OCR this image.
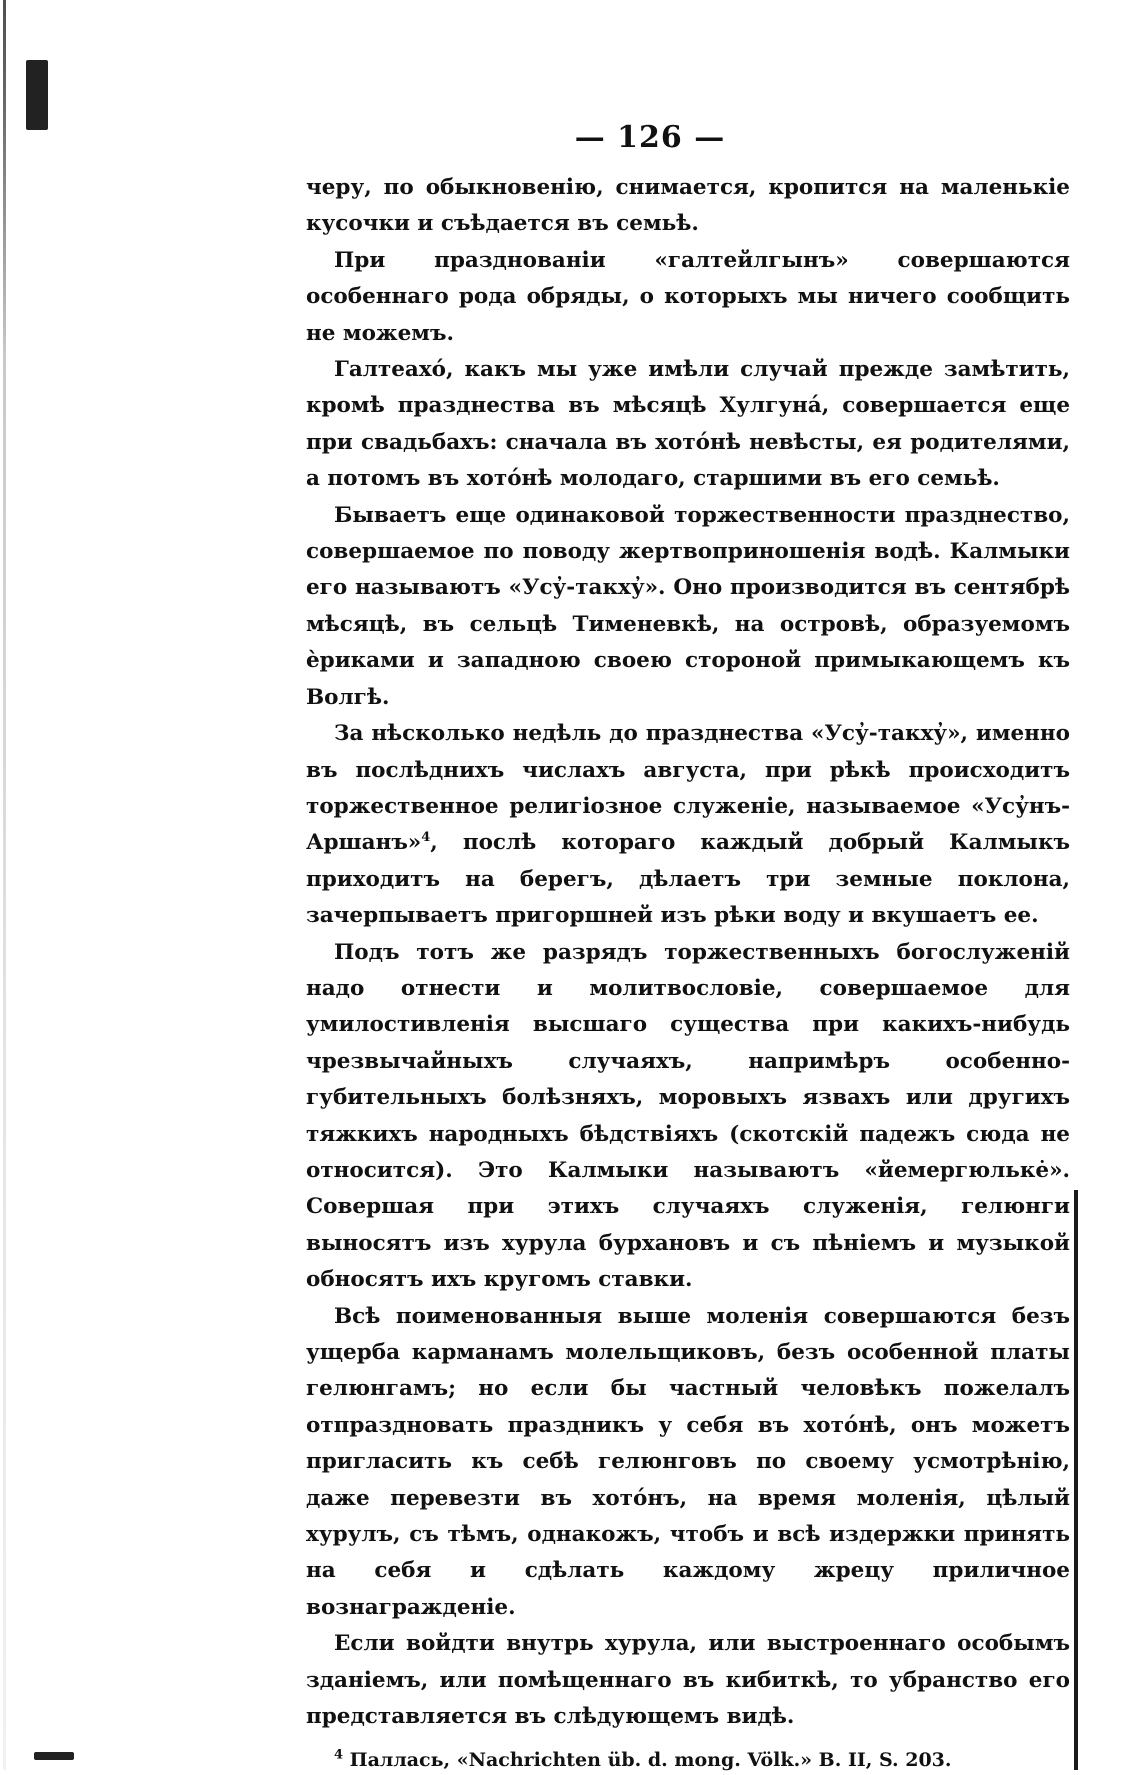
— 126 —

черу, по обыкновенію, снимается, кропится на маленькіе кусочки и съѣдается въ семьѣ.

При празднованіи «галтейлгынъ» совершаются особеннаго рода обряды, о которыхъ мы ничего сообщить не можемъ.

Галтеахо́, какъ мы уже имѣли случай прежде замѣтить, кромѣ празднества въ мѣсяцѣ Хулгуна́, совершается еще при свадьбахъ: сначала въ хото́нѣ невѣсты, ея родителями, а потомъ въ хото́нѣ молодаго, старшими въ его семьѣ.

Бываетъ еще одинаковой торжественности празднество, совершаемое по поводу жертвоприношенія водѣ. Калмыки его называютъ «Усу̓-такху̓». Оно производится въ сентябрѣ мѣсяцѣ, въ сельцѣ Тименевкѣ, на островѣ, образуемомъ ѐриками и западною своею стороной примыкающемъ къ Волгѣ.

За нѣсколько недѣль до празднества «Усу̓-такху̓», именно въ послѣднихъ числахъ августа, при рѣкѣ происходитъ торжественное религіозное служеніе, называемое «Усу̓нъ-Аршанъ»$^4$, послѣ котораго каждый добрый Калмыкъ приходитъ на берегъ, дѣлаетъ три земные поклона, зачерпываетъ пригоршней изъ рѣки воду и вкушаетъ ее.

Подъ тотъ же разрядъ торжественныхъ богослуженій надо отнести и молитвословіе, совершаемое для умилостивленія высшаго существа при какихъ-нибудь чрезвычайныхъ случаяхъ, напримѣръ особенно-губительныхъ болѣзняхъ, моровыхъ язвахъ или другихъ тяжкихъ народныхъ бѣдствіяхъ (скотскій падежъ сюда не относится). Это Калмыки называютъ «йемергюльке̇». Совершая при этихъ случаяхъ служенія, гелюнги выносятъ изъ хурула бурхановъ и съ пѣніемъ и музыкой обносятъ ихъ кругомъ ставки.

Всѣ поименованныя выше моленія совершаются безъ ущерба карманамъ молельщиковъ, безъ особенной платы гелюнгамъ; но если бы частный человѣкъ пожелалъ отпраздновать праздникъ у себя въ хото́нѣ, онъ можетъ пригласить къ себѣ гелюнговъ по своему усмотрѣнію, даже перевезти въ хото́нъ, на время моленія, цѣлый хурулъ, съ тѣмъ, однакожъ, чтобъ и всѣ издержки принять на себя и сдѣлать каждому жрецу приличное вознагражденіе.

Если войдти внутрь хурула, или выстроеннаго особымъ зданіемъ, или помѣщеннаго въ кибиткѣ, то убранство его представляется въ слѣдующемъ видѣ.

$^4$ Паллась, «Nachrichten üb. d. mong. Völk.» B. II, S. 203.
